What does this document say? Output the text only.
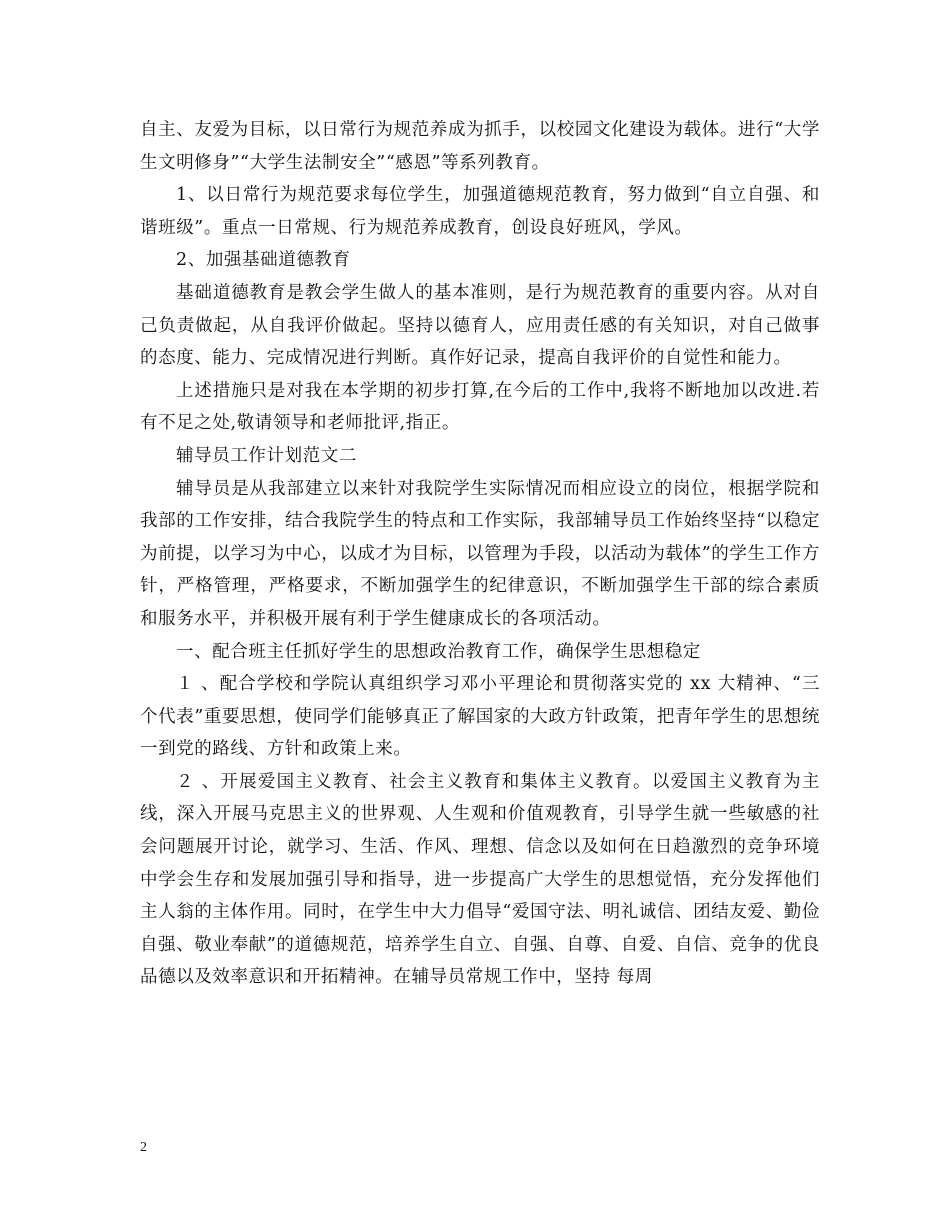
自主、友爱为目标，以日常行为规范养成为抓手，以校园文化建设为载体。进行“大学生文明修身”“大学生法制安全”“感恩”等系列教育。

1、以日常行为规范要求每位学生，加强道德规范教育，努力做到“自立自强、和谐班级”。重点一日常规、行为规范养成教育，创设良好班风，学风。

2、加强基础道德教育

基础道德教育是教会学生做人的基本准则，是行为规范教育的重要内容。从对自己负责做起，从自我评价做起。坚持以德育人，应用责任感的有关知识，对自己做事的态度、能力、完成情况进行判断。真作好记录，提高自我评价的自觉性和能力。

上述措施只是对我在本学期的初步打算,在今后的工作中,我将不断地加以改进.若有不足之处,敬请领导和老师批评,指正。

辅导员工作计划范文二

辅导员是从我部建立以来针对我院学生实际情况而相应设立的岗位，根据学院和我部的工作安排，结合我院学生的特点和工作实际，我部辅导员工作始终坚持“以稳定为前提，以学习为中心，以成才为目标，以管理为手段，以活动为载体”的学生工作方针，严格管理，严格要求，不断加强学生的纪律意识，不断加强学生干部的综合素质和服务水平，并积极开展有利于学生健康成长的各项活动。

一、配合班主任抓好学生的思想政治教育工作，确保学生思想稳定

１ 、配合学校和学院认真组织学习邓小平理论和贯彻落实党的 xx 大精神、“三个代表”重要思想，使同学们能够真正了解国家的大政方针政策，把青年学生的思想统一到党的路线、方针和政策上来。

２ 、开展爱国主义教育、社会主义教育和集体主义教育。以爱国主义教育为主线，深入开展马克思主义的世界观、人生观和价值观教育，引导学生就一些敏感的社会问题展开讨论，就学习、生活、作风、理想、信念以及如何在日趋激烈的竞争环境中学会生存和发展加强引导和指导，进一步提高广大学生的思想觉悟，充分发挥他们主人翁的主体作用。同时，在学生中大力倡导“爱国守法、明礼诚信、团结友爱、勤俭自强、敬业奉献”的道德规范，培养学生自立、自强、自尊、自爱、自信、竞争的优良品德以及效率意识和开拓精神。在辅导员常规工作中，坚持 每周

2
